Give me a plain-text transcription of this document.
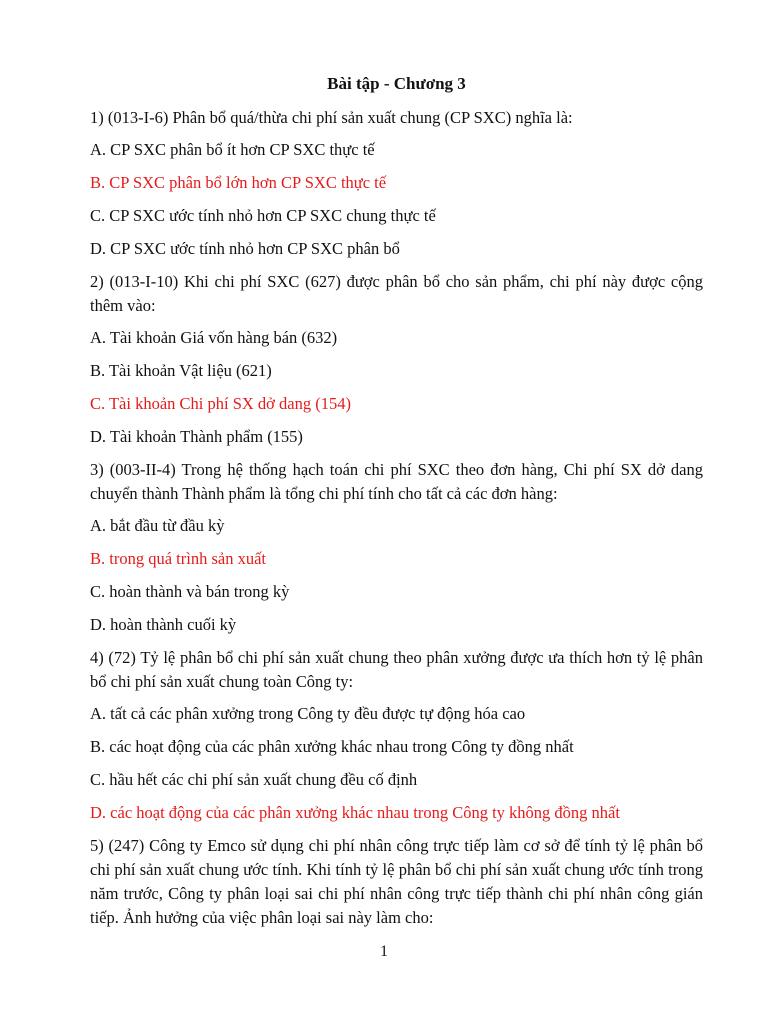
Bài tập - Chương 3

1) (013-I-6) Phân bổ quá/thừa chi phí sản xuất chung (CP SXC) nghĩa là:

A. CP SXC phân bổ ít hơn CP SXC thực tế

B. CP SXC phân bổ lớn hơn CP SXC thực tế

C. CP SXC ước tính nhỏ hơn CP SXC chung thực tế

D. CP SXC ước tính nhỏ hơn CP SXC phân bổ

2) (013-I-10) Khi chi phí SXC (627) được phân bổ cho sản phẩm, chi phí này được cộng thêm vào:

A. Tài khoản Giá vốn hàng bán (632)

B. Tài khoản Vật liệu (621)

C. Tài khoản Chi phí SX dở dang (154)

D. Tài khoản Thành phẩm (155)

3) (003-II-4) Trong hệ thống hạch toán chi phí SXC theo đơn hàng, Chi phí SX dở dang chuyển thành Thành phẩm là tổng chi phí tính cho tất cả các đơn hàng:

A. bắt đầu từ đầu kỳ

B. trong quá trình sản xuất

C. hoàn thành và bán trong kỳ

D. hoàn thành cuối kỳ

4) (72) Tỷ lệ phân bổ chi phí sản xuất chung theo phân xưởng được ưa thích hơn tỷ lệ phân bổ chi phí sản xuất chung toàn Công ty:

A. tất cả các phân xưởng trong Công ty đều được tự động hóa cao

B. các hoạt động của các phân xưởng khác nhau trong Công ty đồng nhất

C. hầu hết các chi phí sản xuất chung đều cố định

D. các hoạt động của các phân xưởng khác nhau trong Công ty không đồng nhất

5) (247) Công ty Emco sử dụng chi phí nhân công trực tiếp làm cơ sở để tính tỷ lệ phân bổ chi phí sản xuất chung ước tính. Khi tính tỷ lệ phân bổ chi phí sản xuất chung ước tính trong năm trước, Công ty phân loại sai chi phí nhân công trực tiếp thành chi phí nhân công gián tiếp. Ảnh hưởng của việc phân loại sai này làm cho:

1
